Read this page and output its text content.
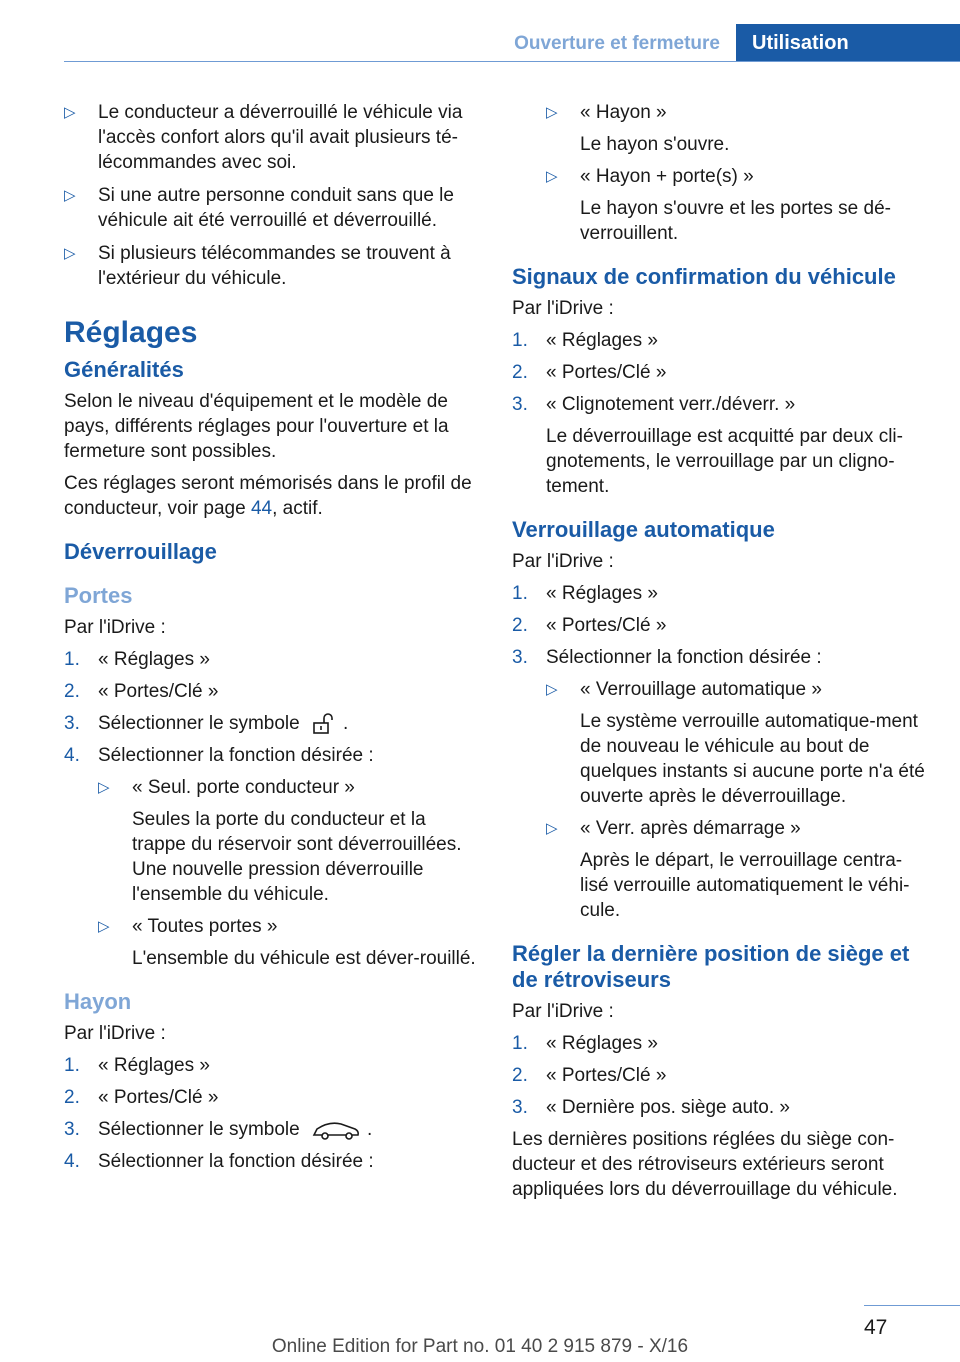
Ouverture et fermeture	Utilisation
▷ Le conducteur a déverrouillé le véhicule via l'accès confort alors qu'il avait plusieurs té-lécommandes avec soi.
▷ Si une autre personne conduit sans que le véhicule ait été verrouillé et déverrouillé.
▷ Si plusieurs télécommandes se trouvent à l'extérieur du véhicule.
Réglages
Généralités

Selon le niveau d'équipement et le modèle de pays, différents réglages pour l'ouverture et la fermeture sont possibles.

Ces réglages seront mémorisés dans le profil de conducteur, voir page 44, actif.

Déverrouillage
Portes

Par l'iDrive :

1. « Réglages »
2. « Portes/Clé »
3. Sélectionner le symbole .
4. Sélectionner la fonction désirée :
▷ « Seul. porte conducteur »
Seules la porte du conducteur et la trappe du réservoir sont déverrouillées. Une nouvelle pression déverrouille l'ensemble du véhicule.
▷ « Toutes portes »
L'ensemble du véhicule est déver-rouillé.
Hayon

Par l'iDrive :

1. « Réglages »
2. « Portes/Clé »
3. Sélectionner le symbole	.
4. Sélectionner la fonction désirée :
▷ « Hayon »
Le hayon s'ouvre.
▷ « Hayon + porte(s) »
Le hayon s'ouvre et les portes se dé-verrouillent.
Signaux de confirmation du véhicule

Par l'iDrive :

1. « Réglages »
2. « Portes/Clé »
3. « Clignotement verr./déverr. »
Le déverrouillage est acquitté par deux cli-gnotements, le verrouillage par un cligno-tement.
Verrouillage automatique

Par l'iDrive :

1. « Réglages »
2. « Portes/Clé »
3. Sélectionner la fonction désirée :
▷ « Verrouillage automatique »
Le système verrouille automatique-ment de nouveau le véhicule au bout de quelques instants si aucune porte n'a été ouverte après le déverrouillage.
▷ « Verr. après démarrage »
Après le départ, le verrouillage centra-lisé verrouille automatiquement le véhi-cule.
Régler la dernière position de siège et de rétroviseurs

Par l'iDrive :

1. « Réglages »
2. « Portes/Clé »
3. « Dernière pos. siège auto. »

Les dernières positions réglées du siège con-ducteur et des rétroviseurs extérieurs seront appliquées lors du déverrouillage du véhicule.

47
Online Edition for Part no. 01 40 2 915 879 - X/16
